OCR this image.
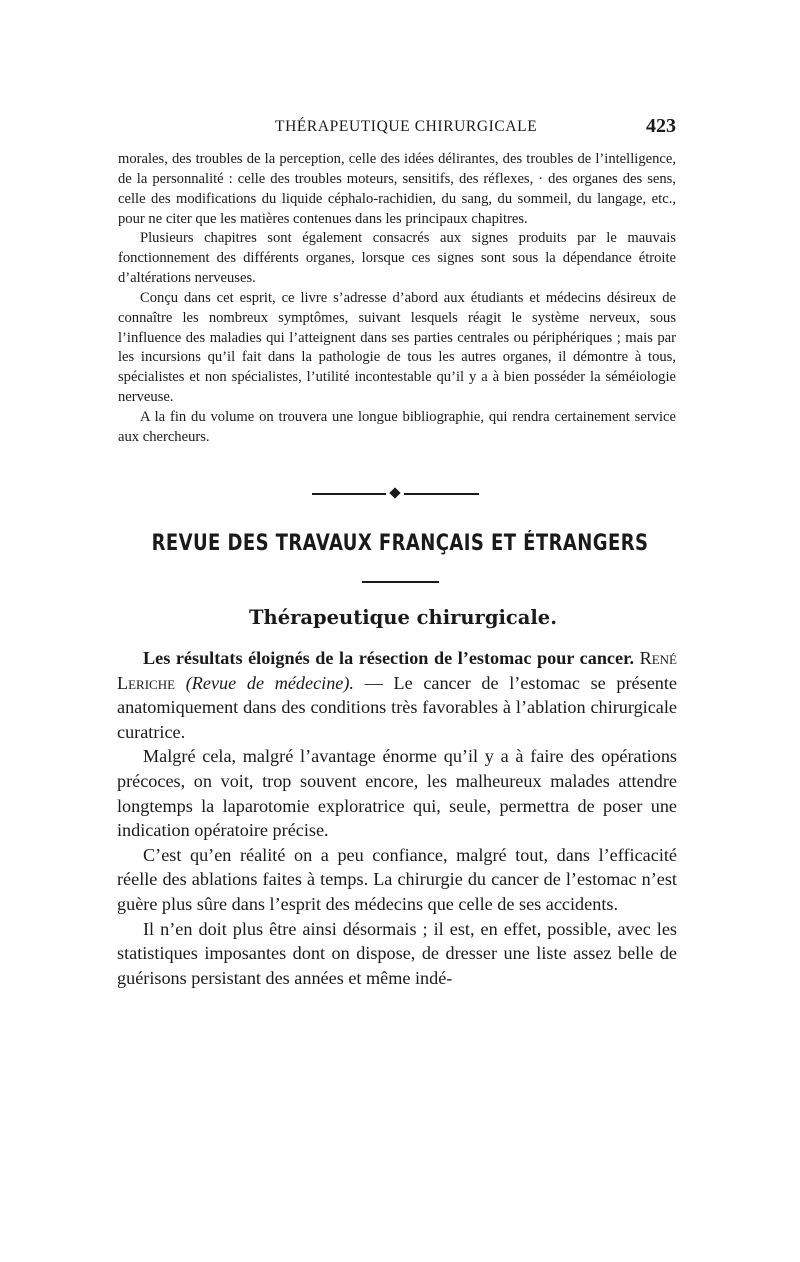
THÉRAPEUTIQUE CHIRURGICALE	423

morales, des troubles de la perception, celle des idées délirantes, des troubles de l’intelligence, de la personnalité : celle des troubles moteurs, sensitifs, des réflexes, · des organes des sens, celle des modifications du liquide céphalo-rachidien, du sang, du sommeil, du langage, etc., pour ne citer que les matières contenues dans les principaux chapitres.

Plusieurs chapitres sont également consacrés aux signes produits par le mauvais fonctionnement des différents organes, lorsque ces signes sont sous la dépendance étroite d’altérations nerveuses.

Conçu dans cet esprit, ce livre s’adresse d’abord aux étudiants et médecins désireux de connaître les nombreux symptômes, suivant lesquels réagit le système nerveux, sous l’influence des maladies qui l’atteignent dans ses parties centrales ou périphériques ; mais par les incursions qu’il fait dans la pathologie de tous les autres organes, il démontre à tous, spécialistes et non spécialistes, l’utilité incontestable qu’il y a à bien posséder la séméiologie nerveuse.

A la fin du volume on trouvera une longue bibliographie, qui rendra certainement service aux chercheurs.

REVUE DES TRAVAUX FRANÇAIS ET ÉTRANGERS
Thérapeutique chirurgicale.

Les résultats éloignés de la résection de l’estomac pour cancer. René Leriche (Revue de médecine). — Le cancer de l’estomac se présente anatomiquement dans des conditions très favorables à l’ablation chirurgicale curatrice.

Malgré cela, malgré l’avantage énorme qu’il y a à faire des opérations précoces, on voit, trop souvent encore, les malheureux malades attendre longtemps la laparotomie exploratrice qui, seule, permettra de poser une indication opératoire précise.

C’est qu’en réalité on a peu confiance, malgré tout, dans l’efficacité réelle des ablations faites à temps. La chirurgie du cancer de l’estomac n’est guère plus sûre dans l’esprit des médecins que celle de ses accidents.

Il n’en doit plus être ainsi désormais ; il est, en effet, possible, avec les statistiques imposantes dont on dispose, de dresser une liste assez belle de guérisons persistant des années et même indé-
